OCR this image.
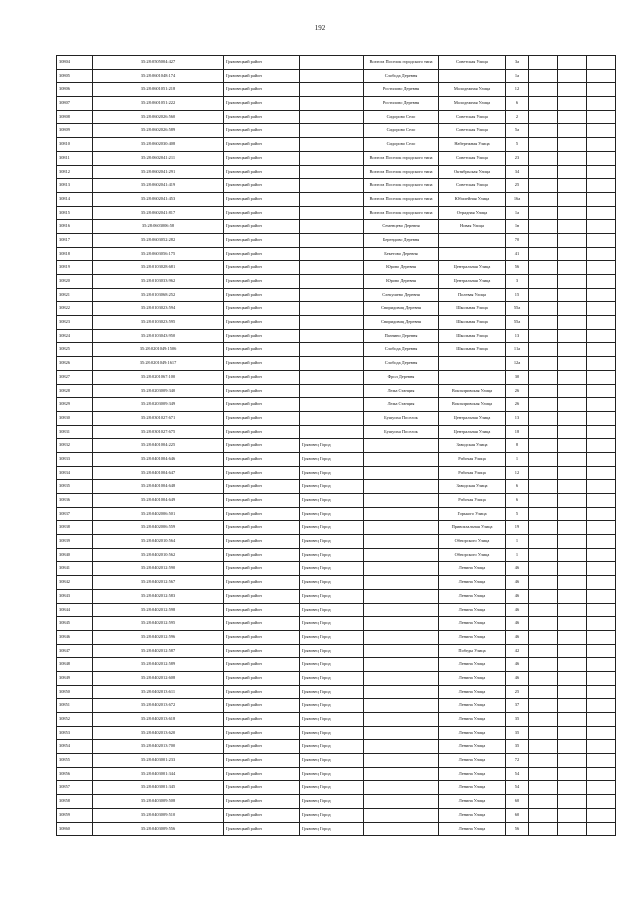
192
30804	35:28:0505004:427	Грязовецкий район		Вохтога Поселок городского типа	Советская Улица	3а			
30805	35:28:0601048:174	Грязовецкий район		Слобода Деревня		1а			
30806	35:28:0601051:218	Грязовецкий район		Ростилово Деревня	Молодежная Улица	12			
30807	35:28:0601051:222	Грязовецкий район		Ростилово Деревня	Молодежная Улица	6			
30808	35:28:0602026:560	Грязовецкий район		Сидорово Село	Советская Улица	2			
30809	35:28:0602026:589	Грязовецкий район		Сидорово Село	Советская Улица	5а			
30810	35:28:0602030:408	Грязовецкий район		Сидорово Село	Набережная Улица	5			
30811	35:28:0602041:211	Грязовецкий район		Вохтога Поселок городского типа	Советская Улица	23			
30812	35:28:0602041:291	Грязовецкий район		Вохтога Поселок городского типа	Октябрьская Улица	34			
30813	35:28:0602041:419	Грязовецкий район		Вохтога Поселок городского типа	Советская Улица	25			
30814	35:28:0602041:453	Грязовецкий район		Вохтога Поселок городского типа	Юбилейная Улица	16а			
30815	35:28:0602041:817	Грязовецкий район		Вохтога Поселок городского типа	Отрадная Улица	1а			
30816	35:28:0603006:58	Грязовецкий район		Семенцево Деревня	Новая Улица	1в			
30817	35:28:0603052:282	Грязовецкий район		Берендово Деревня		70			
30818	35:28:0603056:175	Грязовецкий район		Бекетово Деревня		41			
30819	35:28:0103028:681	Грязовецкий район		Юрово Деревня	Центральная Улица	56			
30820	35:28:0103033:962	Грязовецкий район		Юрово Деревня	Центральная Улица	3			
30821	35:28:0103068:252	Грязовецкий район		Слекушево Деревня	Полевая Улица	15			
30822	35:28:0103023:594	Грязовецкий район		Свиридовиц Деревня	Школьная Улица	55а			
30823	35:28:0103023:595	Грязовецкий район		Свиридовиц Деревня	Школьная Улица	55а			
30824	35:28:0103043:950	Грязовецкий район		Пазнино Деревня	Школьная Улица	13			
30825	35:28:0201049:1506	Грязовецкий район		Слобода Деревня	Школьная Улица	11а			
30826	35:28:0201049:1617	Грязовецкий район		Слобода Деревня		12а			
30827	35:28:0201067:100	Грязовецкий район		Фрол Деревня		30			
30828	35:28:0203009:340	Грязовецкий район		Лежа Станция	Вокзалривская Улица	26			
30829	35:28:0203009:349	Грязовецкий район		Лежа Станция	Вокзалривская Улица	26			
30830	35:28:0301027:671	Грязовецкий район		Бушуиха Поселок	Центральная Улица	13			
30831	35:28:0301027:675	Грязовецкий район		Бушуиха Поселок	Центральная Улица	18			
30832	35:28:0401004:225	Грязовецкий район	Грязовец Город		Заводская Улица	8			
30833	35:28:0401004:646	Грязовецкий район	Грязовец Город		Рабочая Улица	1			
30834	35:28:0401004:647	Грязовецкий район	Грязовец Город		Рабочая Улица	12			
30835	35:28:0401004:648	Грязовецкий район	Грязовец Город		Заводская Улица	6			
30836	35:28:0401004:649	Грязовецкий район	Грязовец Город		Рабочая Улица	6			
30837	35:28:0402006:501	Грязовецкий район	Грязовец Город		Горького Улица	5			
30838	35:28:0402006:559	Грязовецкий район	Грязовец Город		Привокзальная Улица	19			
30839	35:28:0402010:564	Грязовецкий район	Грязовец Город		Обнорского Улица	1			
30840	35:28:0402010:562	Грязовецкий район	Грязовец Город		Обнорского Улица	1			
30841	35:28:0402012:590	Грязовецкий район	Грязовец Город		Ленина Улица	46			
30842	35:28:0402012:567	Грязовецкий район	Грязовец Город		Ленина Улица	46			
30843	35:28:0402012:583	Грязовецкий район	Грязовец Город		Ленина Улица	46			
30844	35:28:0402012:598	Грязовецкий район	Грязовец Город		Ленина Улица	46			
30845	35:28:0402012:595	Грязовецкий район	Грязовец Город		Ленина Улица	46			
30846	35:28:0402012:596	Грязовецкий район	Грязовец Город		Ленина Улица	46			
30847	35:28:0402012:587	Грязовецкий район	Грязовец Город		Победы Улица	42			
30848	35:28:0402012:589	Грязовецкий район	Грязовец Город		Ленина Улица	46			
30849	35:28:0402012:608	Грязовецкий район	Грязовец Город		Ленина Улица	46			
30850	35:28:0402013:611	Грязовецкий район	Грязовец Город		Ленина Улица	25			
30851	35:28:0402013:672	Грязовецкий район	Грязовец Город		Ленина Улица	37			
30852	35:28:0402013:618	Грязовецкий район	Грязовец Город		Ленина Улица	35			
30853	35:28:0402013:620	Грязовецкий район	Грязовец Город		Ленина Улица	35			
30854	35:28:0402013:700	Грязовецкий район	Грязовец Город		Ленина Улица	35			
30855	35:28:0403001:233	Грязовецкий район	Грязовец Город		Ленина Улица	72			
30856	35:28:0403001:344	Грязовецкий район	Грязовец Город		Ленина Улица	54			
30857	35:28:0403001:345	Грязовецкий район	Грязовец Город		Ленина Улица	54			
30858	35:28:0403009:508	Грязовецкий район	Грязовец Город		Ленина Улица	60			
30859	35:28:0403009:510	Грязовецкий район	Грязовец Город		Ленина Улица	60			
30860	35:28:0403009:556	Грязовецкий район	Грязовец Город		Ленина Улица	56			
